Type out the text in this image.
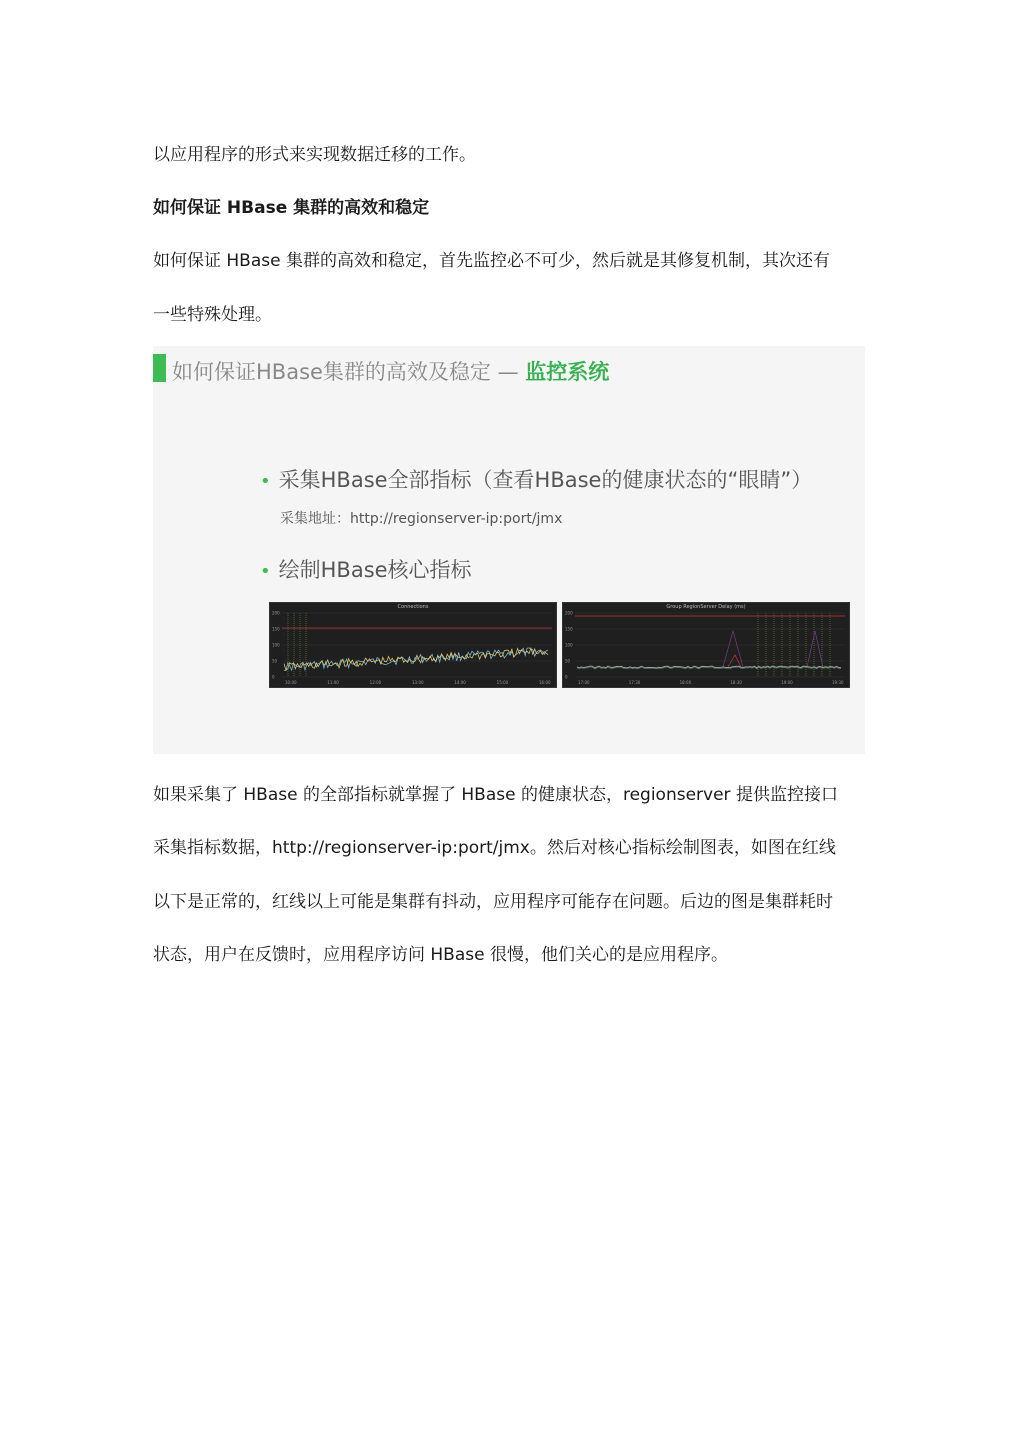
以应用程序的形式来实现数据迁移的工作。

如何保证 HBase 集群的高效和稳定

如何保证 HBase 集群的高效和稳定，首先监控必不可少，然后就是其修复机制，其次还有

一些特殊处理。

如何保证HBase集群的高效及稳定 — 监控系统
• 采集HBase全部指标（查看HBase的健康状态的“眼睛”）
采集地址：http://regionserver-ip:port/jmx
• 绘制HBase核心指标
200
150
100
50
0
10:00	11:00	12:00	13:00	14:00	15:00	16:00
Connections
200
150
100
50
0
17:00	17:30	18:00	18:30	19:00	19:30
Group RegionServer Delay (ms)

如果采集了 HBase 的全部指标就掌握了 HBase 的健康状态，regionserver 提供监控接口

采集指标数据，http://regionserver-ip:port/jmx。然后对核心指标绘制图表，如图在红线

以下是正常的，红线以上可能是集群有抖动，应用程序可能存在问题。后边的图是集群耗时

状态，用户在反馈时，应用程序访问 HBase 很慢，他们关心的是应用程序。
